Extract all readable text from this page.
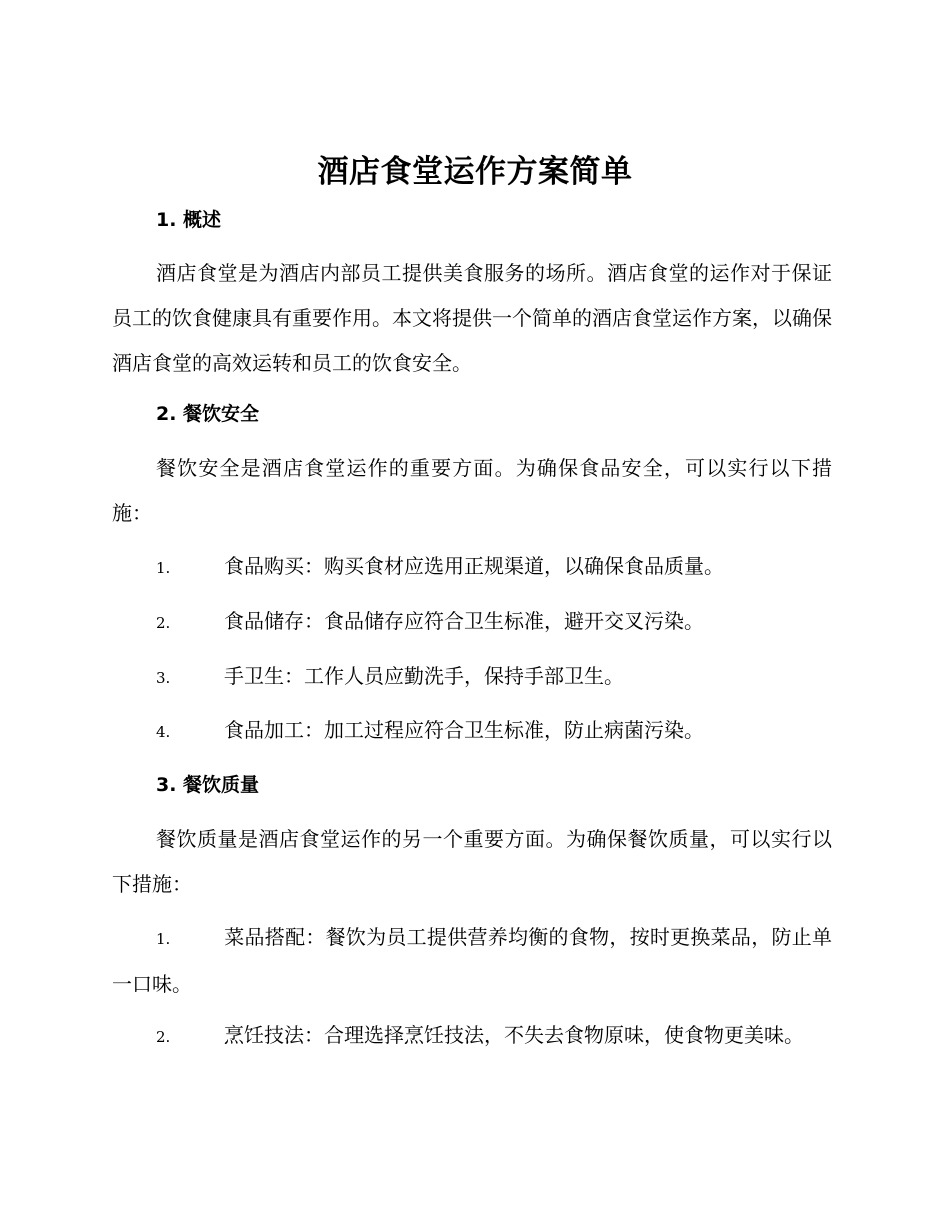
酒店食堂运作方案简单
1. 概述
酒店食堂是为酒店内部员工提供美食服务的场所。酒店食堂的运作对于保证员工的饮食健康具有重要作用。本文将提供一个简单的酒店食堂运作方案，以确保酒店食堂的高效运转和员工的饮食安全。
2. 餐饮安全
餐饮安全是酒店食堂运作的重要方面。为确保食品安全，可以实行以下措施：
1.	食品购买：购买食材应选用正规渠道，以确保食品质量。
2.	食品储存：食品储存应符合卫生标准，避开交叉污染。
3.	手卫生：工作人员应勤洗手，保持手部卫生。
4.	食品加工：加工过程应符合卫生标准，防止病菌污染。
3. 餐饮质量
餐饮质量是酒店食堂运作的另一个重要方面。为确保餐饮质量，可以实行以下措施：
1.	菜品搭配：餐饮为员工提供营养均衡的食物，按时更换菜品，防止单一口味。
2.	烹饪技法：合理选择烹饪技法，不失去食物原味，使食物更美味。
